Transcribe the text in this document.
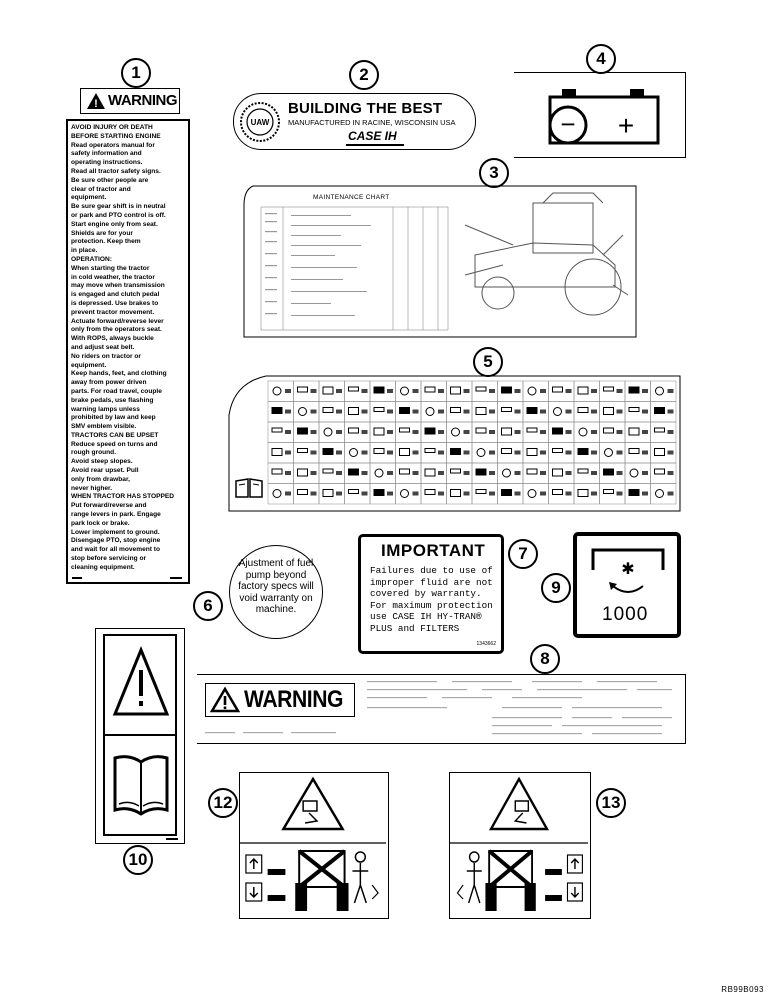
1
! WARNING
AVOID INJURY OR DEATH
BEFORE STARTING ENGINE
Read operators manual for
safety information and
operating instructions.
Read all tractor safety signs.
Be sure other people are
clear of tractor and
equipment.
Be sure gear shift is in neutral
or park and PTO control is off.
Start engine only from seat.
Shields are for your
protection. Keep them
in place.
OPERATION:
When starting the tractor
in cold weather, the tractor
may move when transmission
is engaged and clutch pedal
is depressed. Use brakes to
prevent tractor movement.
Actuate forward/reverse lever
only from the operators seat.
With ROPS, always buckle
and adjust seat belt.
No riders on tractor or
equipment.
Keep hands, feet, and clothing
away from power driven
parts. For road travel, couple
brake pedals, use flashing
warning lamps unless
prohibited by law and keep
SMV emblem visible.
TRACTORS CAN BE UPSET
Reduce speed on turns and
rough ground.
Avoid steep slopes.
Avoid rear upset. Pull
only from drawbar,
never higher.
WHEN TRACTOR HAS STOPPED
Put forward/reverse and
range levers in park. Engage
park lock or brake.
Lower implement to ground.
Disengage PTO, stop engine
and wait for all movement to
stop before servicing or
cleaning equipment.
2
UAW
BUILDING THE BEST
MANUFACTURED IN RACINE, WISCONSIN USA
CASE IH
4
− +
3
MAINTENANCE CHART
5
6
Ajustment of fuel pump beyond factory specs will void warranty on machine.
7
IMPORTANT
Failures due to use of improper fluid are not covered by warranty. For maximum protection use CASE IH HY-TRAN® PLUS and FILTERS
1343662
9
✱
1000
8
WARNING
10
12	13
RB99B093
